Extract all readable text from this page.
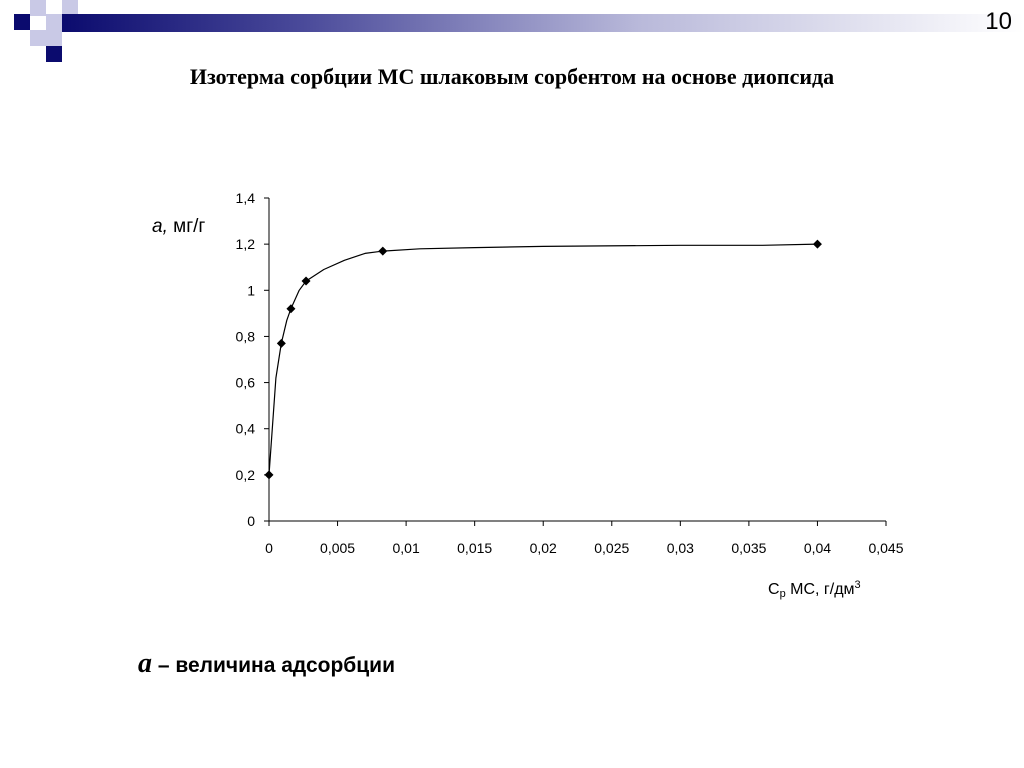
10
Изотерма сорбции МС шлаковым сорбентом на основе диопсида
0	0,005	0,01	0,015	0,02	0,025	0,03	0,035	0,04	0,045
0
0,2
0,4
0,6
0,8
1
1,2
1,4
a, мг/г
$C_р$ МС, $г/дм^3$
a – величина адсорбции
